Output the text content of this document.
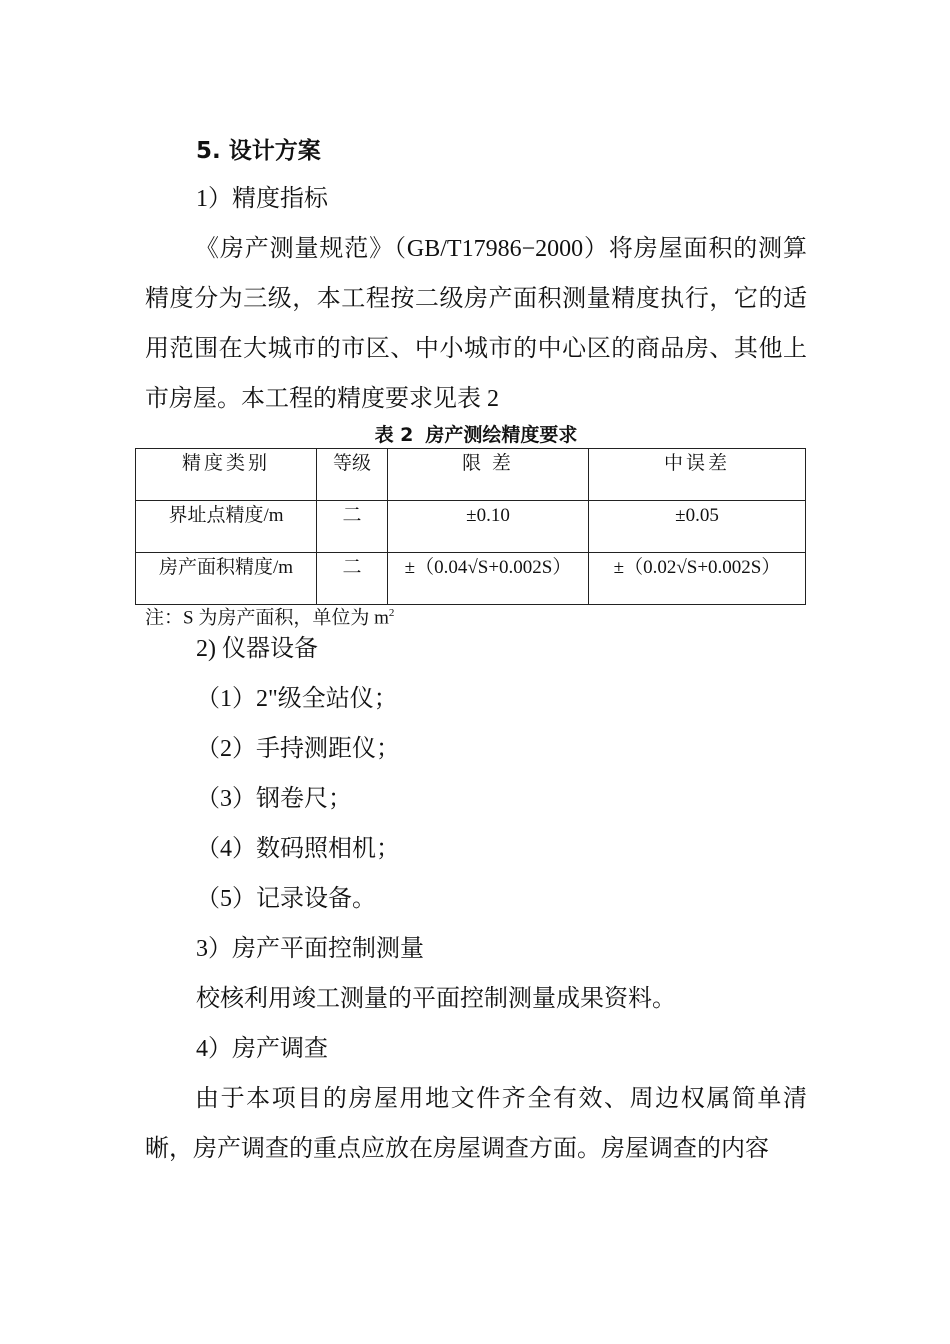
5. 设计方案
1）精度指标
《房产测量规范》（GB/T17986−2000）将房屋面积的测算精度分为三级，本工程按二级房产面积测量精度执行，它的适用范围在大城市的市区、中小城市的中心区的商品房、其他上市房屋。本工程的精度要求见表 2
表 2 房产测绘精度要求
精度类别	等级	限 差	中误差
界址点精度/m	二	±0.10	±0.05
房产面积精度/m	二	±（0.04√S+0.002S）	±（0.02√S+0.002S）
注：S 为房产面积，单位为 $m^2$
2) 仪器设备
（1）2"级全站仪；
（2）手持测距仪；
（3）钢卷尺；
（4）数码照相机；
（5）记录设备。
3）房产平面控制测量
校核利用竣工测量的平面控制测量成果资料。
4）房产调查
由于本项目的房屋用地文件齐全有效、周边权属简单清晰，房产调查的重点应放在房屋调查方面。房屋调查的内容
